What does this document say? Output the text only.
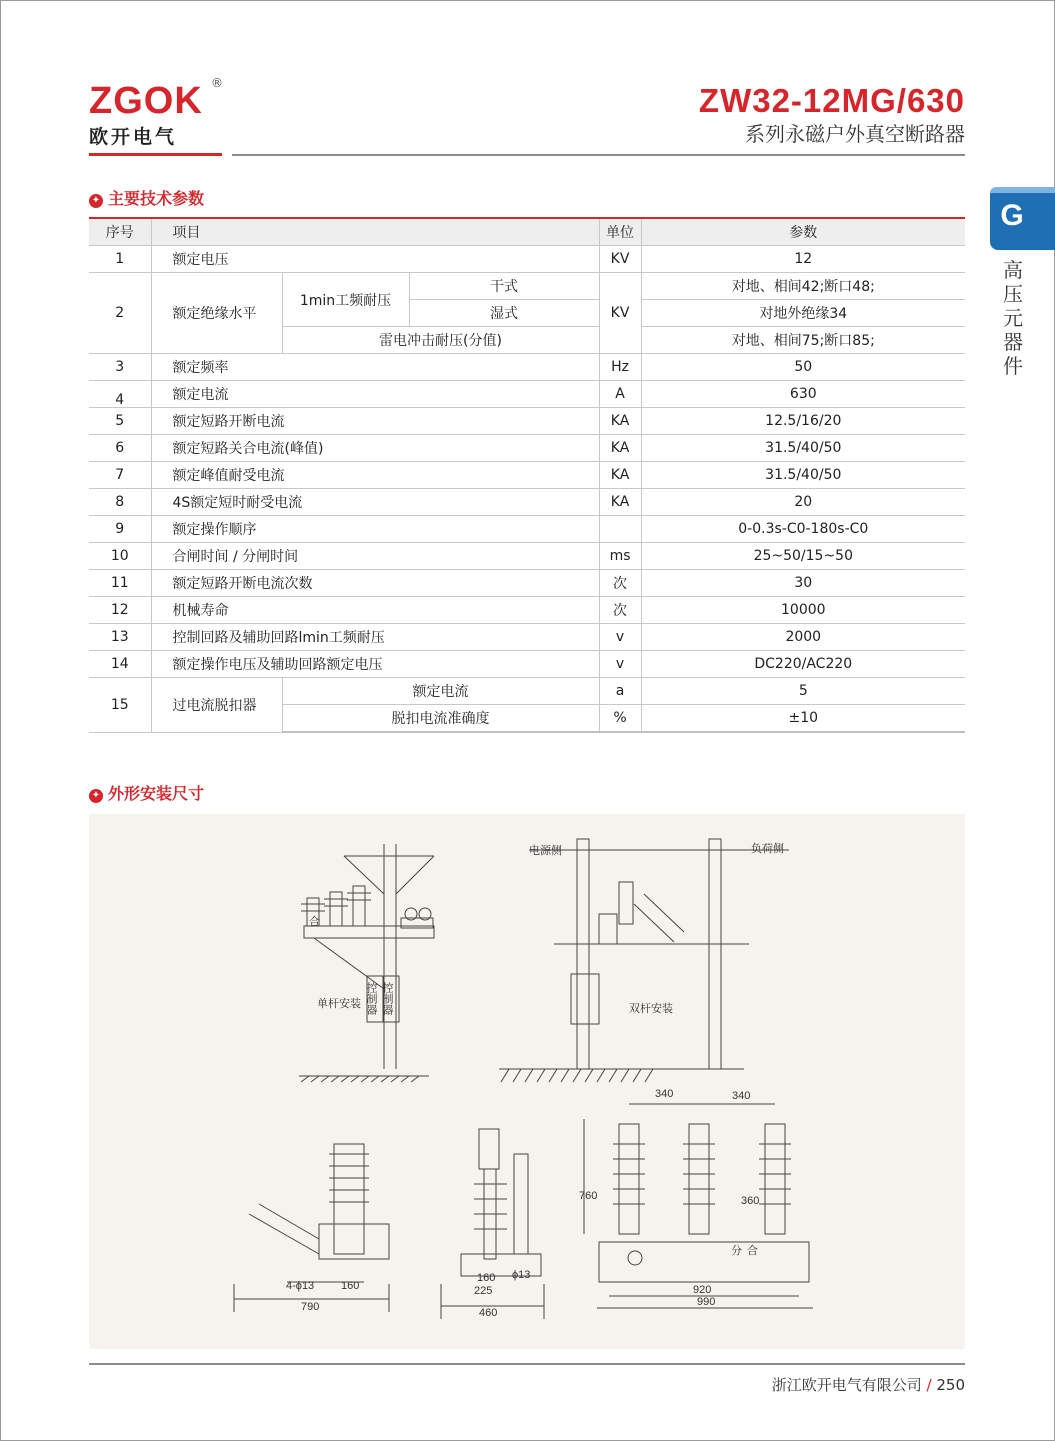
ZGOK ®
欧开电气
ZW32-12MG/630
系列永磁户外真空断路器
G
高压元器件
✦ 主要技术参数
序号	项目			单位	参数
1	额定电压			KV	12
2	额定绝缘水平	1min工频耐压	干式	KV	对地、相间42;断口48;
			湿式		对地外绝缘34
		雷电冲击耐压(分值)			对地、相间75;断口85;
3	额定频率			Hz	50
4	额定电流			A	630
5	额定短路开断电流			KA	12.5/16/20
6	额定短路关合电流(峰值)			KA	31.5/40/50
7	额定峰值耐受电流			KA	31.5/40/50
8	4S额定短时耐受电流			KA	20
9	额定操作顺序				0-0.3s-C0-180s-C0
10	合闸时间 / 分闸时间			ms	25~50/15~50
11	额定短路开断电流次数			次	30
12	机械寿命			次	10000
13	控制回路及辅助回路lmin工频耐压			v	2000
14	额定操作电压及辅助回路额定电压			v	DC220/AC220
15	过电流脱扣器	额定电流		a	5
		脱扣电流准确度		%	±10
✦ 外形安装尺寸
合
单杆安装 控制器 控制器
电源侧	负荷侧
双杆安装
4-ϕ13 160
790
160 ϕ13
225
460
340	340
760	360
920
990
分 合
浙江欧开电气有限公司 / 250
